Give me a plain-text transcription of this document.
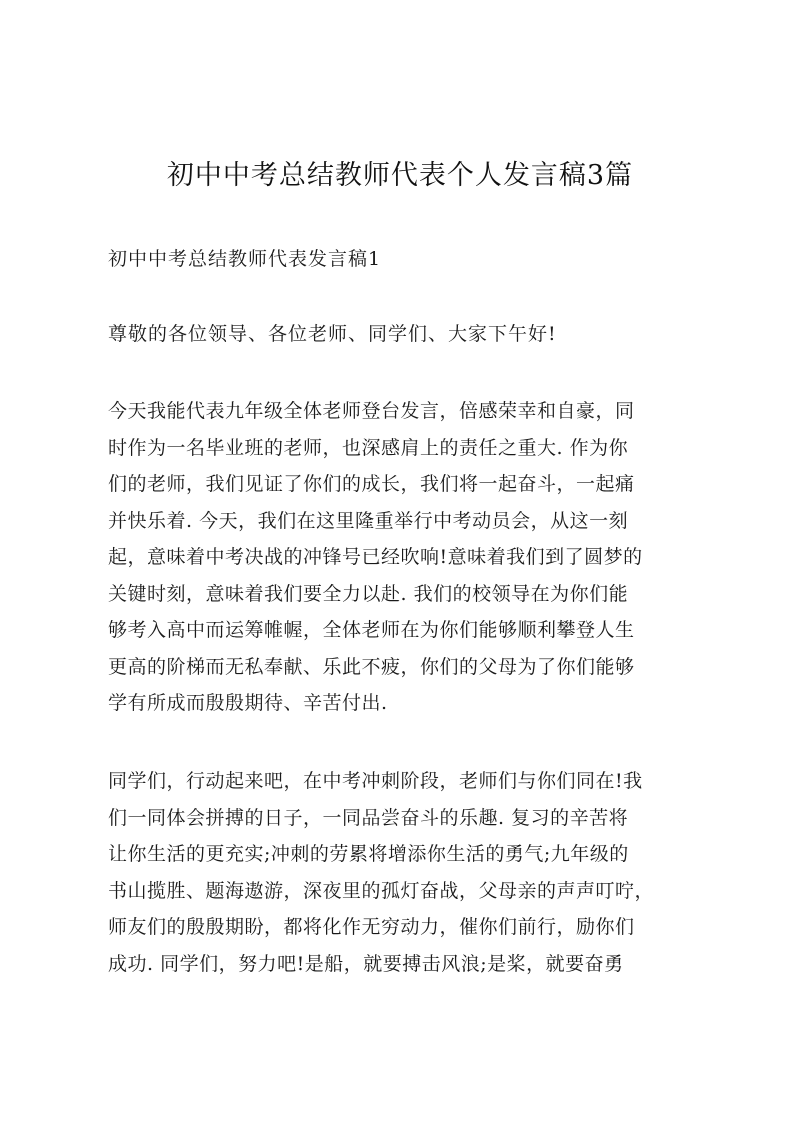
初中中考总结教师代表个人发言稿3篇

初中中考总结教师代表发言稿1

尊敬的各位领导、各位老师、同学们、大家下午好!

今天我能代表九年级全体老师登台发言，倍感荣幸和自豪，同
时作为一名毕业班的老师，也深感肩上的责任之重大. 作为你
们的老师，我们见证了你们的成长，我们将一起奋斗，一起痛
并快乐着. 今天，我们在这里隆重举行中考动员会，从这一刻
起，意味着中考决战的冲锋号已经吹响!意味着我们到了圆梦的
关键时刻，意味着我们要全力以赴. 我们的校领导在为你们能
够考入高中而运筹帷幄，全体老师在为你们能够顺利攀登人生
更高的阶梯而无私奉献、乐此不疲，你们的父母为了你们能够
学有所成而殷殷期待、辛苦付出.
同学们，行动起来吧，在中考冲刺阶段，老师们与你们同在!我
们一同体会拼搏的日子，一同品尝奋斗的乐趣. 复习的辛苦将
让你生活的更充实;冲刺的劳累将增添你生活的勇气;九年级的
书山揽胜、题海遨游，深夜里的孤灯奋战，父母亲的声声叮咛，
师友们的殷殷期盼，都将化作无穷动力，催你们前行，励你们
成功. 同学们，努力吧!是船，就要搏击风浪;是桨，就要奋勇
